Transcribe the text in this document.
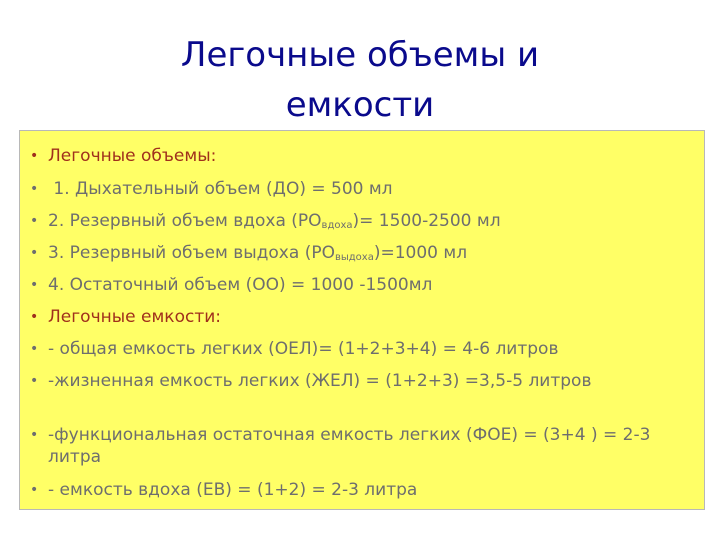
Легочные объемы и
емкости
• Легочные объемы:
• 1. Дыхательный объем (ДО) = 500 мл
• 2. Резервный объем вдоха $(РО_{вдоха})= 1500-2500$ мл
• 3. Резервный объем выдоха $(РО_{выдоха})=1000$ мл
• 4. Остаточный объем (ОО) = 1000 -1500мл
• Легочные емкости:
• - общая емкость легких (ОЕЛ)= (1+2+3+4) = 4-6 литров
• -жизненная емкость легких (ЖЕЛ) = (1+2+3) =3,5-5 литров
• -функциональная остаточная емкость легких (ФОЕ) = (3+4 ) = 2-3 литра
• - емкость вдоха (ЕВ) = (1+2) = 2-3 литра
